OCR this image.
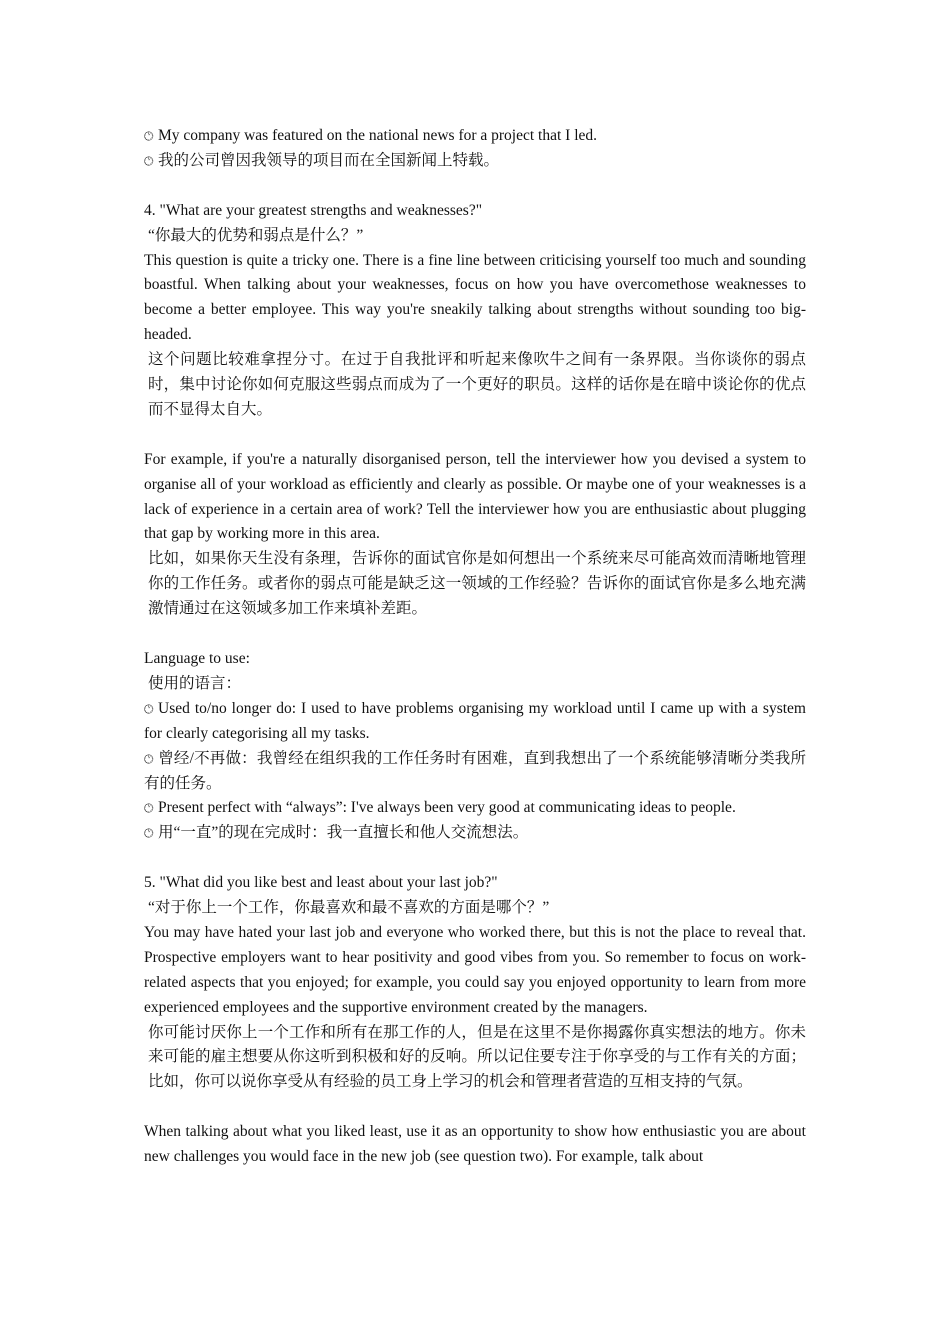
🕐︎ My company was featured on the national news for a project that I led.
🕐︎ 我的公司曾因我领导的项目而在全国新闻上特载。
4. "What are your greatest strengths and weaknesses?"
“你最大的优势和弱点是什么？”
This question is quite a tricky one. There is a fine line between criticising yourself too much and sounding boastful. When talking about your weaknesses, focus on how you have overcomethose weaknesses to become a better employee. This way you're sneakily talking about strengths without sounding too big-headed.
这个问题比较难拿捏分寸。在过于自我批评和听起来像吹牛之间有一条界限。当你谈你的弱点时，集中讨论你如何克服这些弱点而成为了一个更好的职员。这样的话你是在暗中谈论你的优点而不显得太自大。
For example, if you're a naturally disorganised person, tell the interviewer how you devised a system to organise all of your workload as efficiently and clearly as possible. Or maybe one of your weaknesses is a lack of experience in a certain area of work? Tell the interviewer how you are enthusiastic about plugging that gap by working more in this area.
比如，如果你天生没有条理，告诉你的面试官你是如何想出一个系统来尽可能高效而清晰地管理你的工作任务。或者你的弱点可能是缺乏这一领域的工作经验？告诉你的面试官你是多么地充满激情通过在这领域多加工作来填补差距。
Language to use:
使用的语言：
🕐︎ Used to/no longer do: I used to have problems organising my workload until I came up with a system for clearly categorising all my tasks.
🕐︎ 曾经/不再做：我曾经在组织我的工作任务时有困难，直到我想出了一个系统能够清晰分类我所有的任务。
🕐︎ Present perfect with “always”: I've always been very good at communicating ideas to people.
🕐︎ 用“一直”的现在完成时：我一直擅长和他人交流想法。
5. "What did you like best and least about your last job?"
“对于你上一个工作，你最喜欢和最不喜欢的方面是哪个？”
You may have hated your last job and everyone who worked there, but this is not the place to reveal that. Prospective employers want to hear positivity and good vibes from you. So remember to focus on work-related aspects that you enjoyed; for example, you could say you enjoyed opportunity to learn from more experienced employees and the supportive environment created by the managers.
你可能讨厌你上一个工作和所有在那工作的人，但是在这里不是你揭露你真实想法的地方。你未来可能的雇主想要从你这听到积极和好的反响。所以记住要专注于你享受的与工作有关的方面；比如，你可以说你享受从有经验的员工身上学习的机会和管理者营造的互相支持的气氛。
When talking about what you liked least, use it as an opportunity to show how enthusiastic you are about new challenges you would face in the new job (see question two). For example, talk about
